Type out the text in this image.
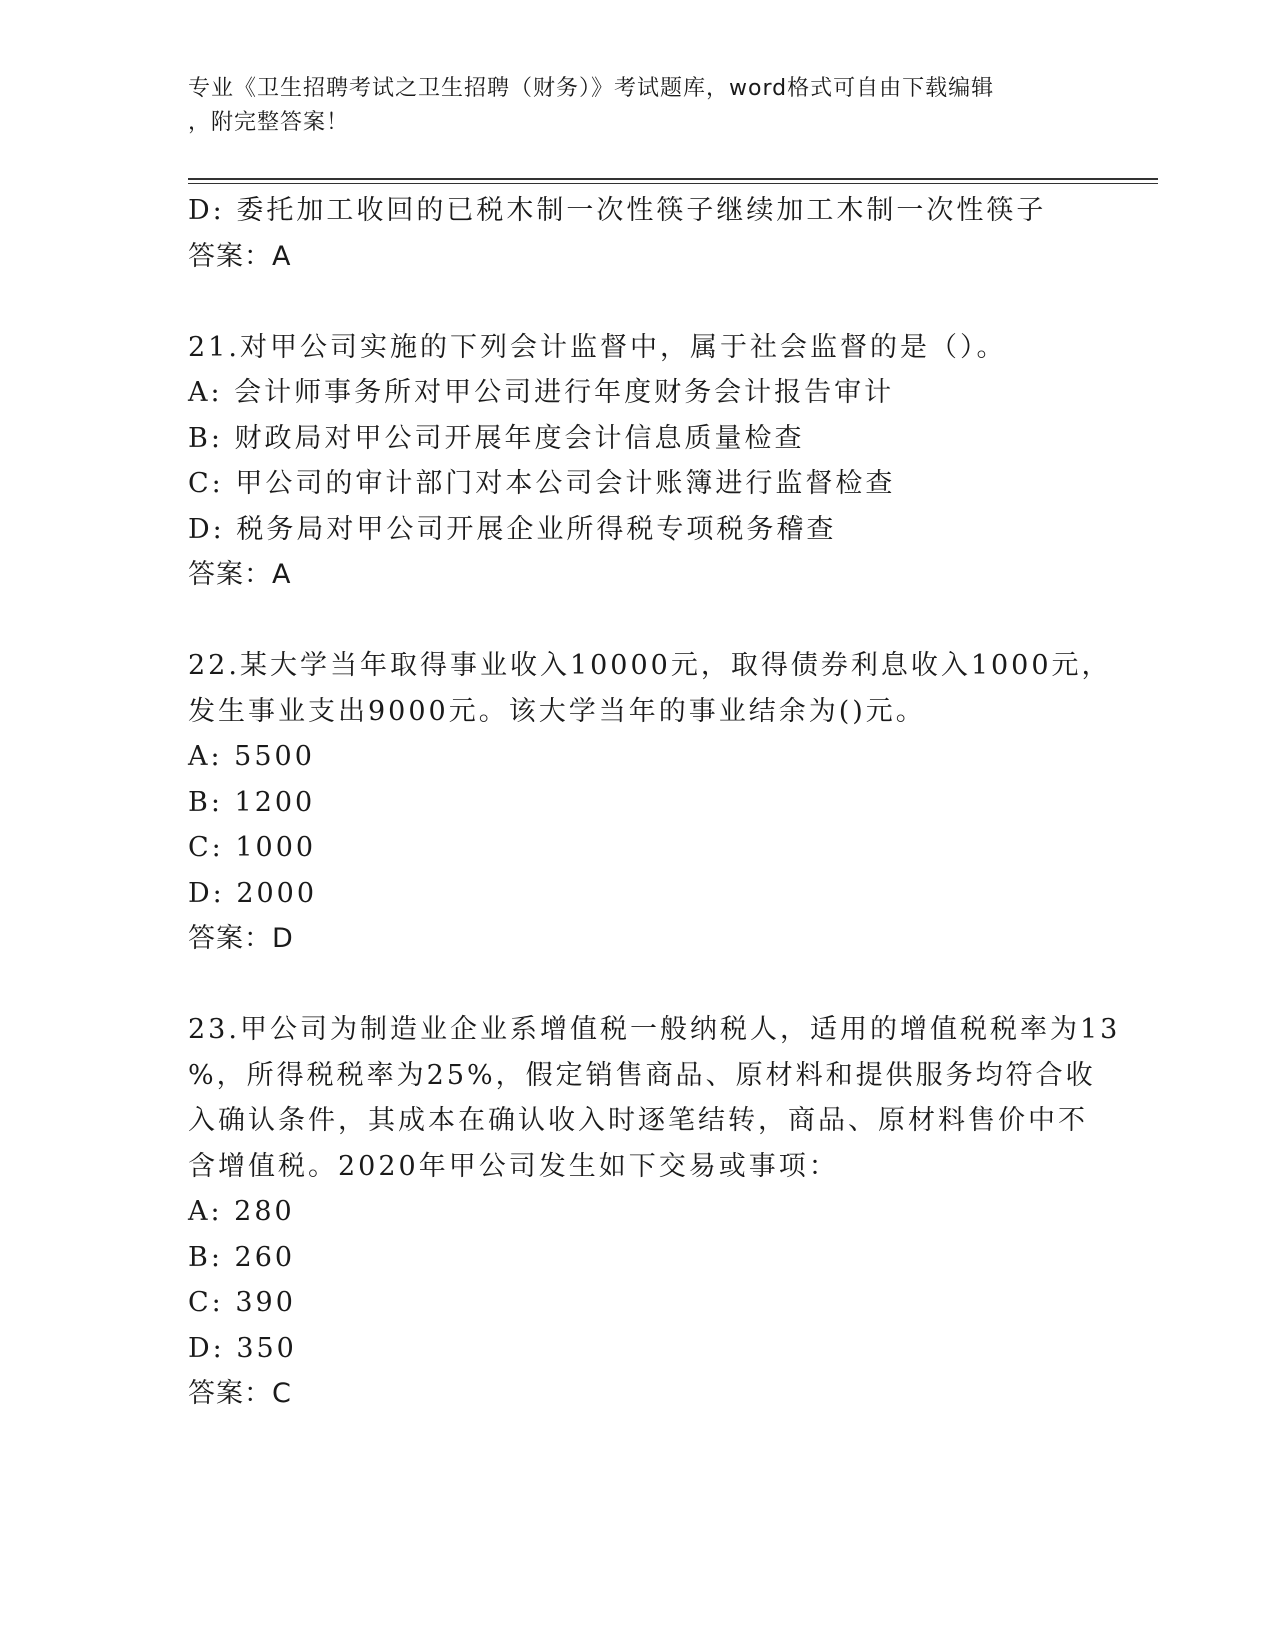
专业《卫生招聘考试之卫生招聘（财务）》考试题库，word格式可自由下载编辑
，附完整答案！
D: 委托加工收回的已税木制一次性筷子继续加工木制一次性筷子
答案：A
21.对甲公司实施的下列会计监督中，属于社会监督的是（）。
A: 会计师事务所对甲公司进行年度财务会计报告审计
B: 财政局对甲公司开展年度会计信息质量检查
C: 甲公司的审计部门对本公司会计账簿进行监督检查
D: 税务局对甲公司开展企业所得税专项税务稽查
答案：A
22.某大学当年取得事业收入10000元，取得债券利息收入1000元，
发生事业支出9000元。该大学当年的事业结余为()元。
A: 5500
B: 1200
C: 1000
D: 2000
答案：D
23.甲公司为制造业企业系增值税一般纳税人，适用的增值税税率为13
%，所得税税率为25%，假定销售商品、原材料和提供服务均符合收
入确认条件，其成本在确认收入时逐笔结转，商品、原材料售价中不
含增值税。2020年甲公司发生如下交易或事项：
A: 280
B: 260
C: 390
D: 350
答案：C
